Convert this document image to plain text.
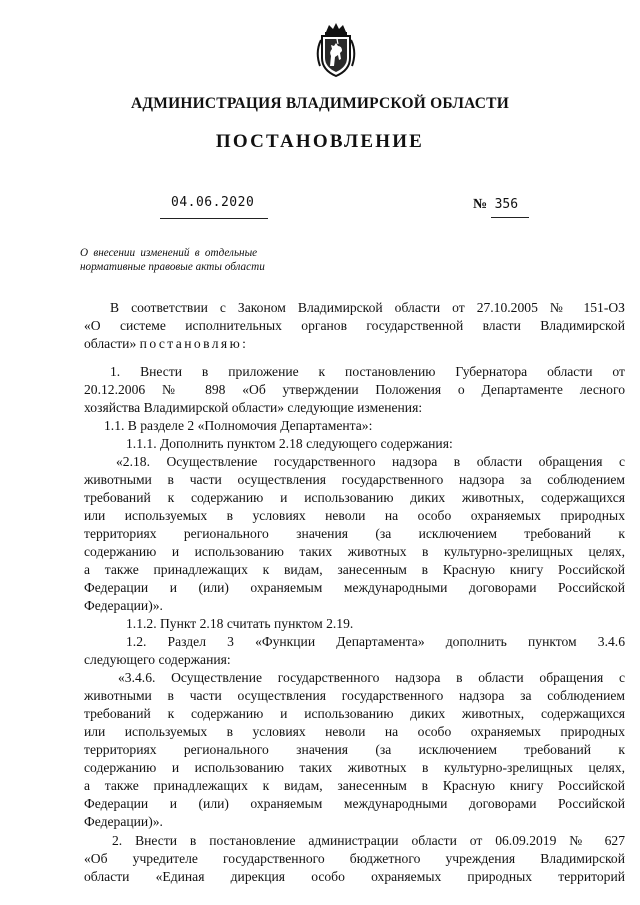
АДМИНИСТРАЦИЯ ВЛАДИМИРСКОЙ ОБЛАСТИ
ПОСТАНОВЛЕНИЕ
04.06.2020	№ 356
О внесении изменений в отдельные
нормативные правовые акты области
В соответствии с Законом Владимирской области от 27.10.2005 № 151-ОЗ
«О системе исполнительных органов государственной власти Владимирской
области» постановляю:
1. Внести в приложение к постановлению Губернатора области от
20.12.2006 № 898 «Об утверждении Положения о Департаменте лесного
хозяйства Владимирской области» следующие изменения:
1.1. В разделе 2 «Полномочия Департамента»:
1.1.1. Дополнить пунктом 2.18 следующего содержания:
«2.18. Осуществление государственного надзора в области обращения с
животными в части осуществления государственного надзора за соблюдением
требований к содержанию и использованию диких животных, содержащихся
или используемых в условиях неволи на особо охраняемых природных
территориях регионального значения (за исключением требований к
содержанию и использованию таких животных в культурно-зрелищных целях,
а также принадлежащих к видам, занесенным в Красную книгу Российской
Федерации и (или) охраняемым международными договорами Российской
Федерации)».
1.1.2. Пункт 2.18 считать пунктом 2.19.
1.2. Раздел 3 «Функции Департамента» дополнить пунктом 3.4.6
следующего содержания:
«3.4.6. Осуществление государственного надзора в области обращения с
животными в части осуществления государственного надзора за соблюдением
требований к содержанию и использованию диких животных, содержащихся
или используемых в условиях неволи на особо охраняемых природных
территориях регионального значения (за исключением требований к
содержанию и использованию таких животных в культурно-зрелищных целях,
а также принадлежащих к видам, занесенным в Красную книгу Российской
Федерации и (или) охраняемым международными договорами Российской
Федерации)».
2. Внести в постановление администрации области от 06.09.2019 № 627
«Об учредителе государственного бюджетного учреждения Владимирской
области «Единая дирекция особо охраняемых природных территорий
